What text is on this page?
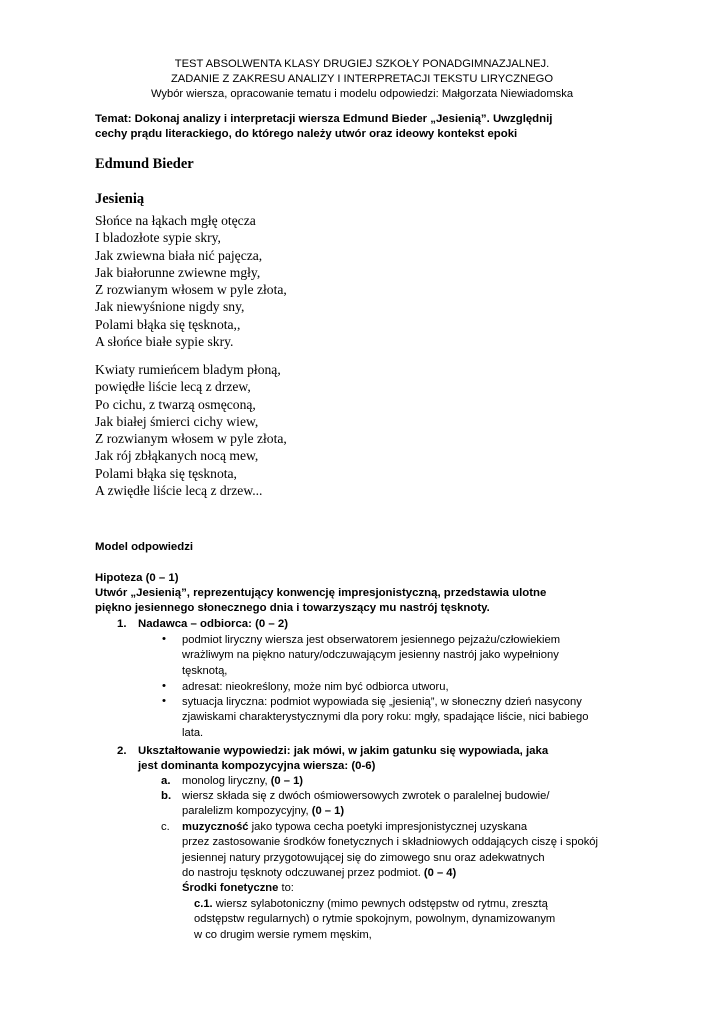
TEST ABSOLWENTA KLASY DRUGIEJ SZKOŁY PONADGIMNAZJALNEJ.
ZADANIE Z ZAKRESU ANALIZY I INTERPRETACJI TEKSTU LIRYCZNEGO
Wybór wiersza, opracowanie tematu i modelu odpowiedzi: Małgorzata Niewiadomska
Temat: Dokonaj analizy i interpretacji wiersza Edmund Bieder „Jesienią”. Uwzględnij
cechy prądu literackiego, do którego należy utwór oraz ideowy kontekst epoki
Edmund Bieder
Jesienią
Słońce na łąkach mgłę otęcza
I bladozłote sypie skry,
Jak zwiewna biała nić pajęcza,
Jak białorunne zwiewne mgły,
Z rozwianym włosem w pyle złota,
Jak niewyśnione nigdy sny,
Polami błąka się tęsknota,,
A słońce białe sypie skry.
Kwiaty rumieńcem bladym płoną,
powiędłe liście lecą z drzew,
Po cichu, z twarzą osmęconą,
Jak białej śmierci cichy wiew,
Z rozwianym włosem w pyle złota,
Jak rój zbłąkanych nocą mew,
Polami błąka się tęsknota,
A zwiędłe liście lecą z drzew...
Model odpowiedzi
Hipoteza (0 – 1)
Utwór „Jesienią”, reprezentujący konwencję impresjonistyczną, przedstawia ulotne
piękno jesiennego słonecznego dnia i towarzyszący mu nastrój tęsknoty.
1. Nadawca – odbiorca: (0 – 2)
• podmiot liryczny wiersza jest obserwatorem jesiennego pejzażu/człowiekiem
wrażliwym na piękno natury/odczuwającym jesienny nastrój jako wypełniony
tęsknotą,
• adresat: nieokreślony, może nim być odbiorca utworu,
• sytuacja liryczna: podmiot wypowiada się „jesienią”, w słoneczny dzień nasycony
zjawiskami charakterystycznymi dla pory roku: mgły, spadające liście, nici babiego
lata.
2. Ukształtowanie wypowiedzi: jak mówi, w jakim gatunku się wypowiada, jaka
jest dominanta kompozycyjna wiersza: (0-6)
a. monolog liryczny, (0 – 1)
b. wiersz składa się z dwóch ośmiowersowych zwrotek o paralelnej budowie/
paralelizm kompozycyjny, (0 – 1)
c. muzyczność jako typowa cecha poetyki impresjonistycznej uzyskana
przez zastosowanie środków fonetycznych i składniowych oddających ciszę i spokój
jesiennej natury przygotowującej się do zimowego snu oraz adekwatnych
do nastroju tęsknoty odczuwanej przez podmiot. (0 – 4)
Środki fonetyczne to:
c.1. wiersz sylabotoniczny (mimo pewnych odstępstw od rytmu, zresztą
odstępstw regularnych) o rytmie spokojnym, powolnym, dynamizowanym
w co drugim wersie rymem męskim,
